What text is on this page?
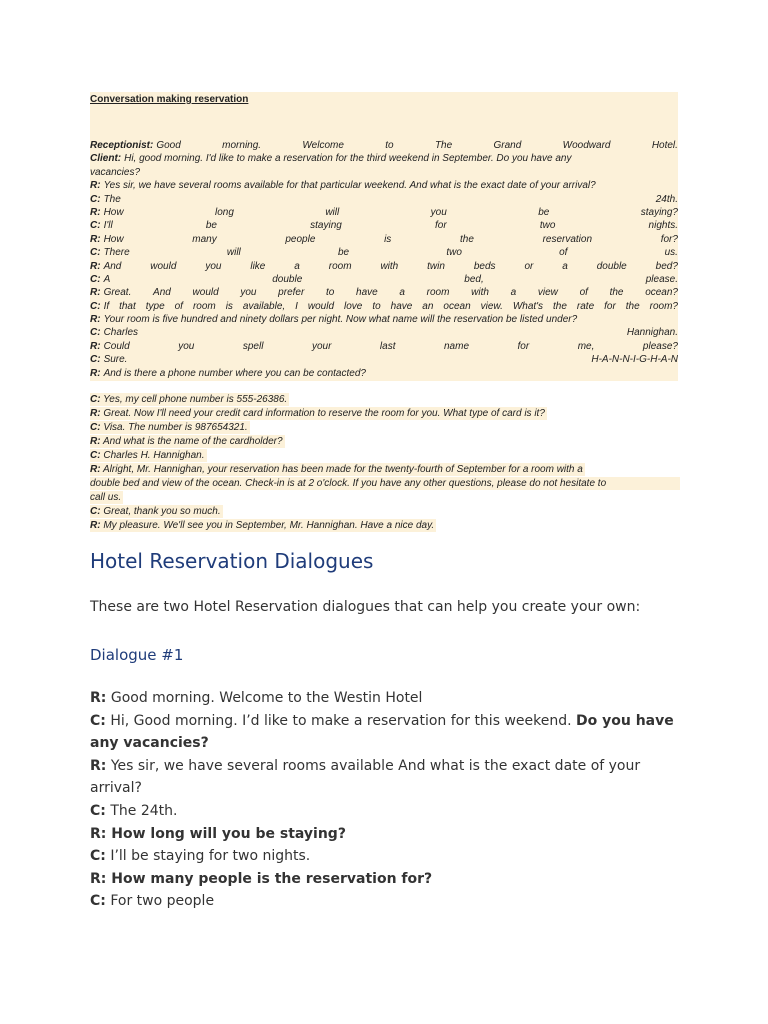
Conversation making reservation
Receptionist: Good	morning.	Welcome	to	The	Grand	Woodward	Hotel.
Client: Hi, good morning. I'd like to make a reservation for the third weekend in September. Do you have any
vacancies?
R: Yes sir, we have several rooms available for that particular weekend. And what is the exact date of your arrival?
C: The	24th.
R: How	long	will	you	be	staying?
C: I'll	be	staying	for	two	nights.
R: How	many	people	is	the	reservation	for?
C: There	will	be	two	of	us.
R: And	would	you	like	a	room	with	twin	beds	or	a	double	bed?
C: A	double	bed,	please.
R: Great. And would you prefer to have a room with a view of the ocean?
C: If that type of room is available, I would love to have an ocean view. What's the rate for the room?
R: Your room is five hundred and ninety dollars per night. Now what name will the reservation be listed under?
C: Charles	Hannighan.
R: Could	you	spell	your	last	name	for	me,	please?
C: Sure.	H-A-N-N-I-G-H-A-N
R: And is there a phone number where you can be contacted?
C: Yes, my cell phone number is 555-26386.
R: Great. Now I'll need your credit card information to reserve the room for you. What type of card is it?
C: Visa. The number is 987654321.
R: And what is the name of the cardholder?
C: Charles H. Hannighan.
R: Alright, Mr. Hannighan, your reservation has been made for the twenty-fourth of September for a room with a
double bed and view of the ocean. Check-in is at 2 o'clock. If you have any other questions, please do not hesitate to
call us.
C: Great, thank you so much.
R: My pleasure. We'll see you in September, Mr. Hannighan. Have a nice day.
Hotel Reservation Dialogues
These are two Hotel Reservation dialogues that can help you create your own:
Dialogue #1
R: Good morning. Welcome to the Westin Hotel
C: Hi, Good morning. I’d like to make a reservation for this weekend. Do you have any vacancies?
R: Yes sir, we have several rooms available And what is the exact date of your arrival?
C: The 24th.
R: How long will you be staying?
C: I’ll be staying for two nights.
R: How many people is the reservation for?
C: For two people
